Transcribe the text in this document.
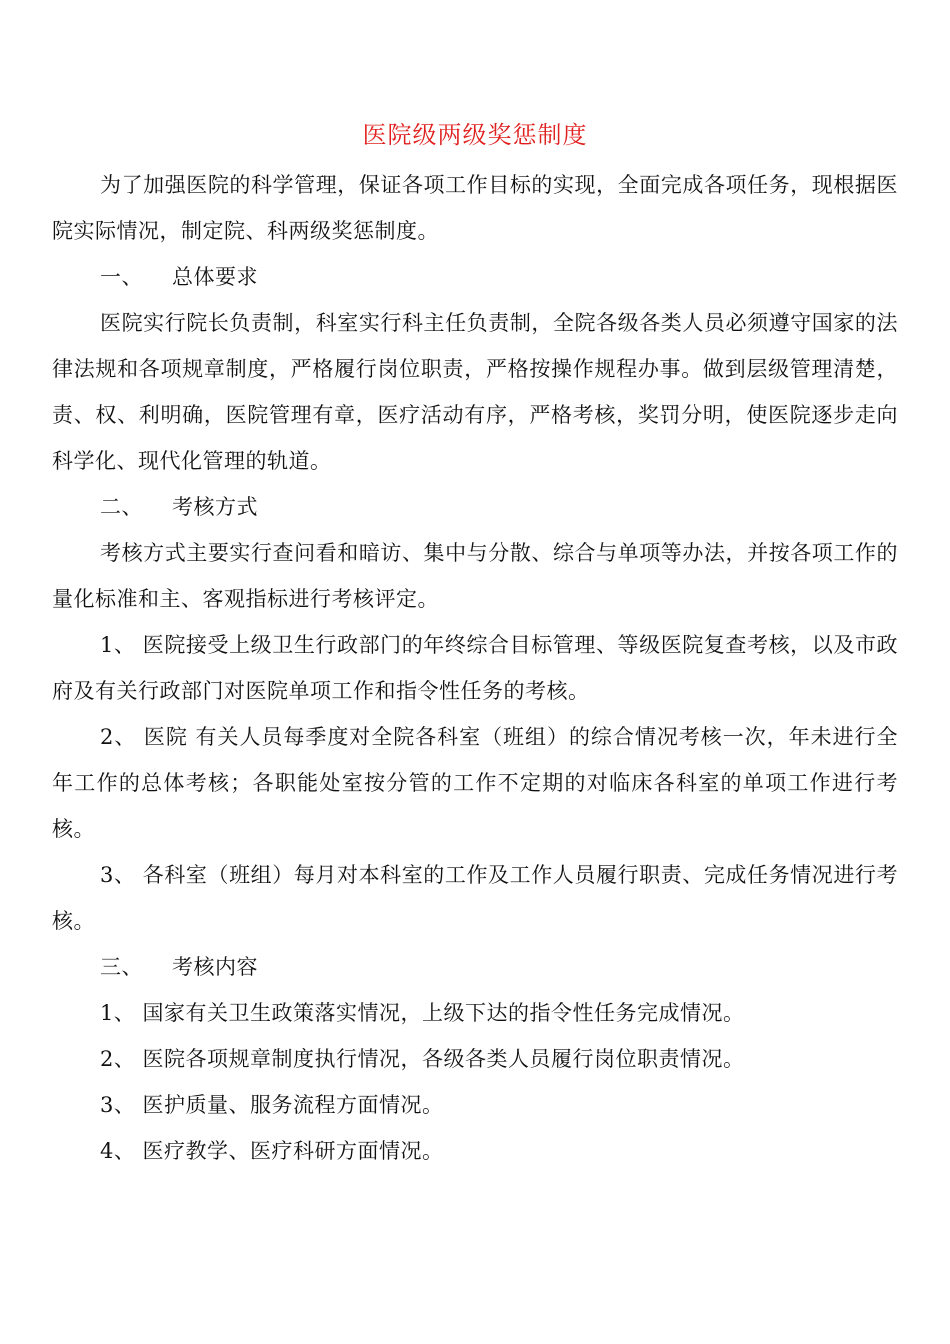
医院级两级奖惩制度

为了加强医院的科学管理，保证各项工作目标的实现，全面完成各项任务，现根据医院实际情况，制定院、科两级奖惩制度。

一、 总体要求

医院实行院长负责制，科室实行科主任负责制，全院各级各类人员必须遵守国家的法律法规和各项规章制度，严格履行岗位职责，严格按操作规程办事。做到层级管理清楚，责、权、利明确，医院管理有章，医疗活动有序，严格考核，奖罚分明，使医院逐步走向科学化、现代化管理的轨道。

二、 考核方式

考核方式主要实行查问看和暗访、集中与分散、综合与单项等办法，并按各项工作的量化标准和主、客观指标进行考核评定。

1、 医院接受上级卫生行政部门的年终综合目标管理、等级医院复查考核，以及市政府及有关行政部门对医院单项工作和指令性任务的考核。

2、 医院 有关人员每季度对全院各科室（班组）的综合情况考核一次，年未进行全年工作的总体考核；各职能处室按分管的工作不定期的对临床各科室的单项工作进行考核。

3、 各科室（班组）每月对本科室的工作及工作人员履行职责、完成任务情况进行考核。

三、 考核内容

1、 国家有关卫生政策落实情况，上级下达的指令性任务完成情况。

2、 医院各项规章制度执行情况，各级各类人员履行岗位职责情况。

3、 医护质量、服务流程方面情况。

4、 医疗教学、医疗科研方面情况。
